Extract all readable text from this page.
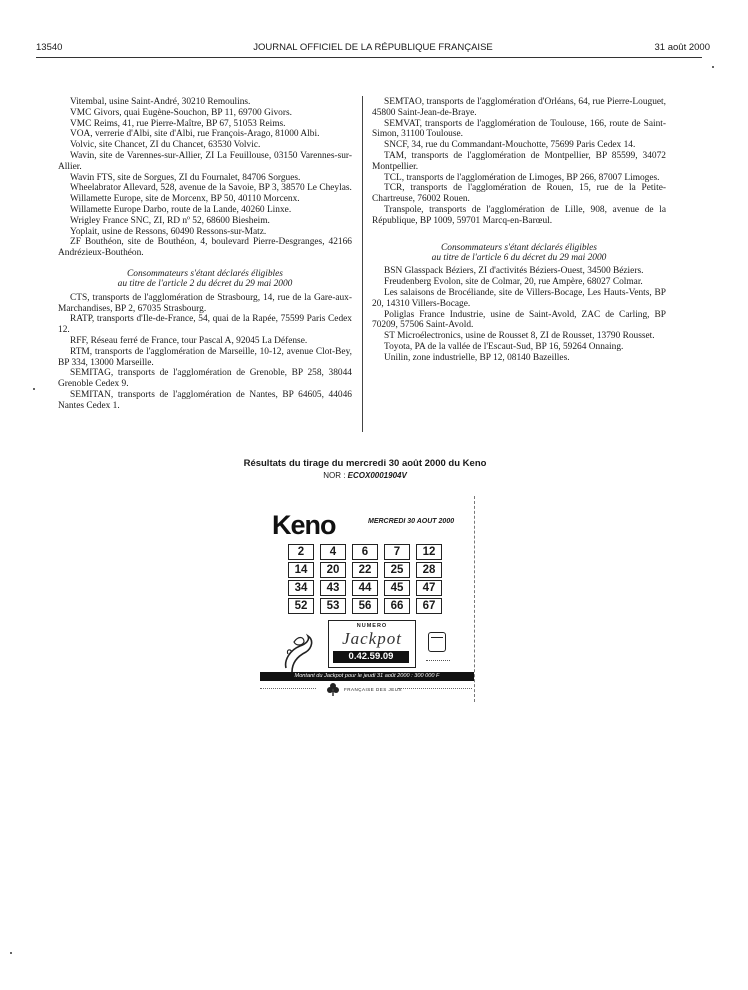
13540	JOURNAL OFFICIEL DE LA RÉPUBLIQUE FRANÇAISE	31 août 2000

Vitembal, usine Saint-André, 30210 Remoulins.

VMC Givors, quai Eugène-Souchon, BP 11, 69700 Givors.

VMC Reims, 41, rue Pierre-Maître, BP 67, 51053 Reims.

VOA, verrerie d'Albi, site d'Albi, rue François-Arago, 81000 Albi.

Volvic, site Chancet, ZI du Chancet, 63530 Volvic.

Wavin, site de Varennes-sur-Allier, ZI La Feuillouse, 03150 Varennes-sur-Allier.

Wavin FTS, site de Sorgues, ZI du Fournalet, 84706 Sorgues.

Wheelabrator Allevard, 528, avenue de la Savoie, BP 3, 38570 Le Cheylas.

Willamette Europe, site de Morcenx, BP 50, 40110 Morcenx.

Willamette Europe Darbo, route de la Lande, 40260 Linxe.

Wrigley France SNC, ZI, RD nº 52, 68600 Biesheim.

Yoplait, usine de Ressons, 60490 Ressons-sur-Matz.

ZF Bouthéon, site de Bouthéon, 4, boulevard Pierre-Desgranges, 42166 Andrézieux-Bouthéon.

Consommateurs s'étant déclarés éligibles
au titre de l'article 2 du décret du 29 mai 2000

CTS, transports de l'agglomération de Strasbourg, 14, rue de la Gare-aux-Marchandises, BP 2, 67035 Strasbourg.

RATP, transports d'Ile-de-France, 54, quai de la Rapée, 75599 Paris Cedex 12.

RFF, Réseau ferré de France, tour Pascal A, 92045 La Défense.

RTM, transports de l'agglomération de Marseille, 10-12, avenue Clot-Bey, BP 334, 13000 Marseille.

SEMITAG, transports de l'agglomération de Grenoble, BP 258, 38044 Grenoble Cedex 9.

SEMITAN, transports de l'agglomération de Nantes, BP 64605, 44046 Nantes Cedex 1.

SEMTAO, transports de l'agglomération d'Orléans, 64, rue Pierre-Louguet, 45800 Saint-Jean-de-Braye.

SEMVAT, transports de l'agglomération de Toulouse, 166, route de Saint-Simon, 31100 Toulouse.

SNCF, 34, rue du Commandant-Mouchotte, 75699 Paris Cedex 14.

TAM, transports de l'agglomération de Montpellier, BP 85599, 34072 Montpellier.

TCL, transports de l'agglomération de Limoges, BP 266, 87007 Limoges.

TCR, transports de l'agglomération de Rouen, 15, rue de la Petite-Chartreuse, 76002 Rouen.

Transpole, transports de l'agglomération de Lille, 908, avenue de la République, BP 1009, 59701 Marcq-en-Barœul.

Consommateurs s'étant déclarés éligibles
au titre de l'article 6 du décret du 29 mai 2000

BSN Glasspack Béziers, ZI d'activités Béziers-Ouest, 34500 Béziers.

Freudenberg Evolon, site de Colmar, 20, rue Ampère, 68027 Colmar.

Les salaisons de Brocéliande, site de Villers-Bocage, Les Hauts-Vents, BP 20, 14310 Villers-Bocage.

Poliglas France Industrie, usine de Saint-Avold, ZAC de Carling, BP 70209, 57506 Saint-Avold.

ST Microélectronics, usine de Rousset 8, ZI de Rousset, 13790 Rousset.

Toyota, PA de la vallée de l'Escaut-Sud, BP 16, 59264 Onnaing.

Unilin, zone industrielle, BP 12, 08140 Bazeilles.

Résultats du tirage du mercredi 30 août 2000 du Keno
NOR : ECOX0001904V
Keno	MERCREDI 30 AOUT 2000
2	4	6	7	12
14	20	22	25	28
34	43	44	45	47
52	53	56	66	67
NUMERO
Jackpot
0.42.59.09
Montant du Jackpot pour le jeudi 31 août 2000 : 300 000 F
FRANÇAISE DES JEUX
